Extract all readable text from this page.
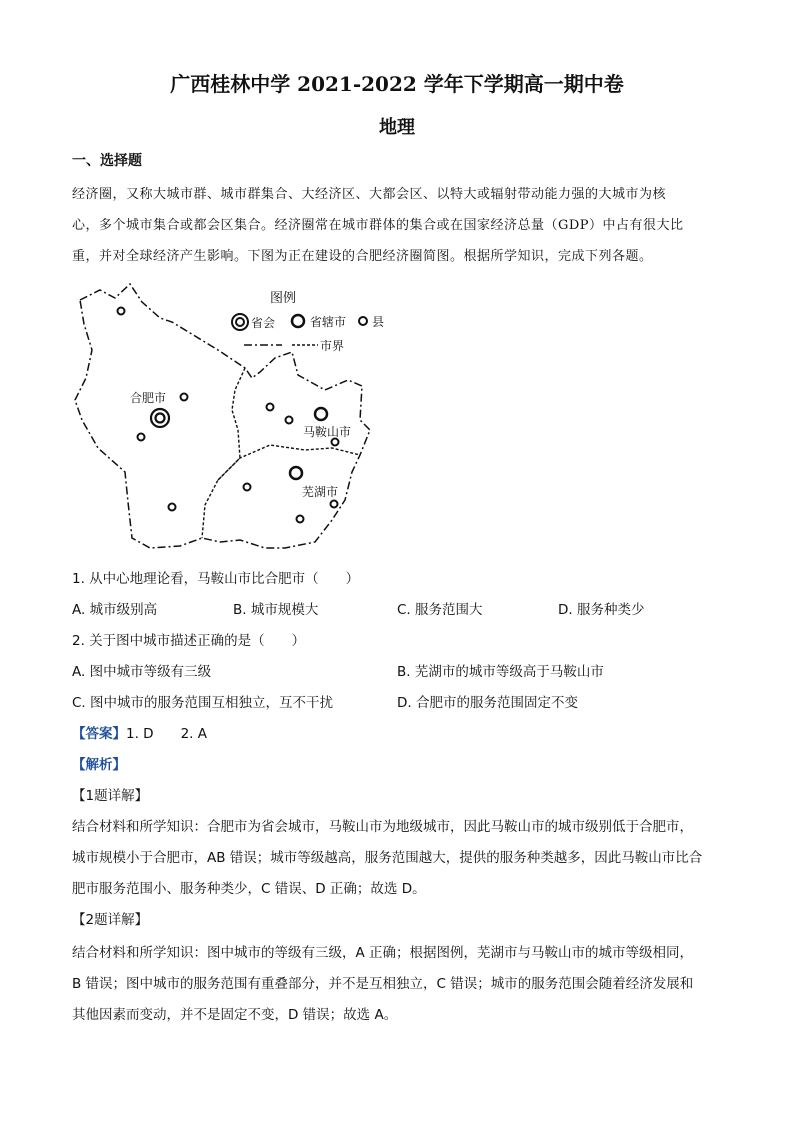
广西桂林中学 2021-2022 学年下学期高一期中卷
地理
一、选择题
经济圈，又称大城市群、城市群集合、大经济区、大都会区、以特大或辐射带动能力强的大城市为核
心，多个城市集合或都会区集合。经济圈常在城市群体的集合或在国家经济总量（GDP）中占有很大比
重，并对全球经济产生影响。下图为正在建设的合肥经济圈简图。根据所学知识，完成下列各题。
图例
省会	省辖市 县
市界
合肥市
马鞍山市
芜湖市
1. 从中心地理论看，马鞍山市比合肥市（　　）
A. 城市级别高	B. 城市规模大	C. 服务范围大	D. 服务种类少
2. 关于图中城市描述正确的是（　　）
A. 图中城市等级有三级	B. 芜湖市的城市等级高于马鞍山市
C. 图中城市的服务范围互相独立，互不干扰	D. 合肥市的服务范围固定不变
【答案】1. D　　2. A
【解析】
【1题详解】
结合材料和所学知识：合肥市为省会城市，马鞍山市为地级城市，因此马鞍山市的城市级别低于合肥市，
城市规模小于合肥市，AB 错误；城市等级越高，服务范围越大，提供的服务种类越多，因此马鞍山市比合
肥市服务范围小、服务种类少，C 错误、D 正确；故选 D。
【2题详解】
结合材料和所学知识：图中城市的等级有三级，A 正确；根据图例，芜湖市与马鞍山市的城市等级相同，
B 错误；图中城市的服务范围有重叠部分，并不是互相独立，C 错误；城市的服务范围会随着经济发展和
其他因素而变动，并不是固定不变，D 错误；故选 A。
